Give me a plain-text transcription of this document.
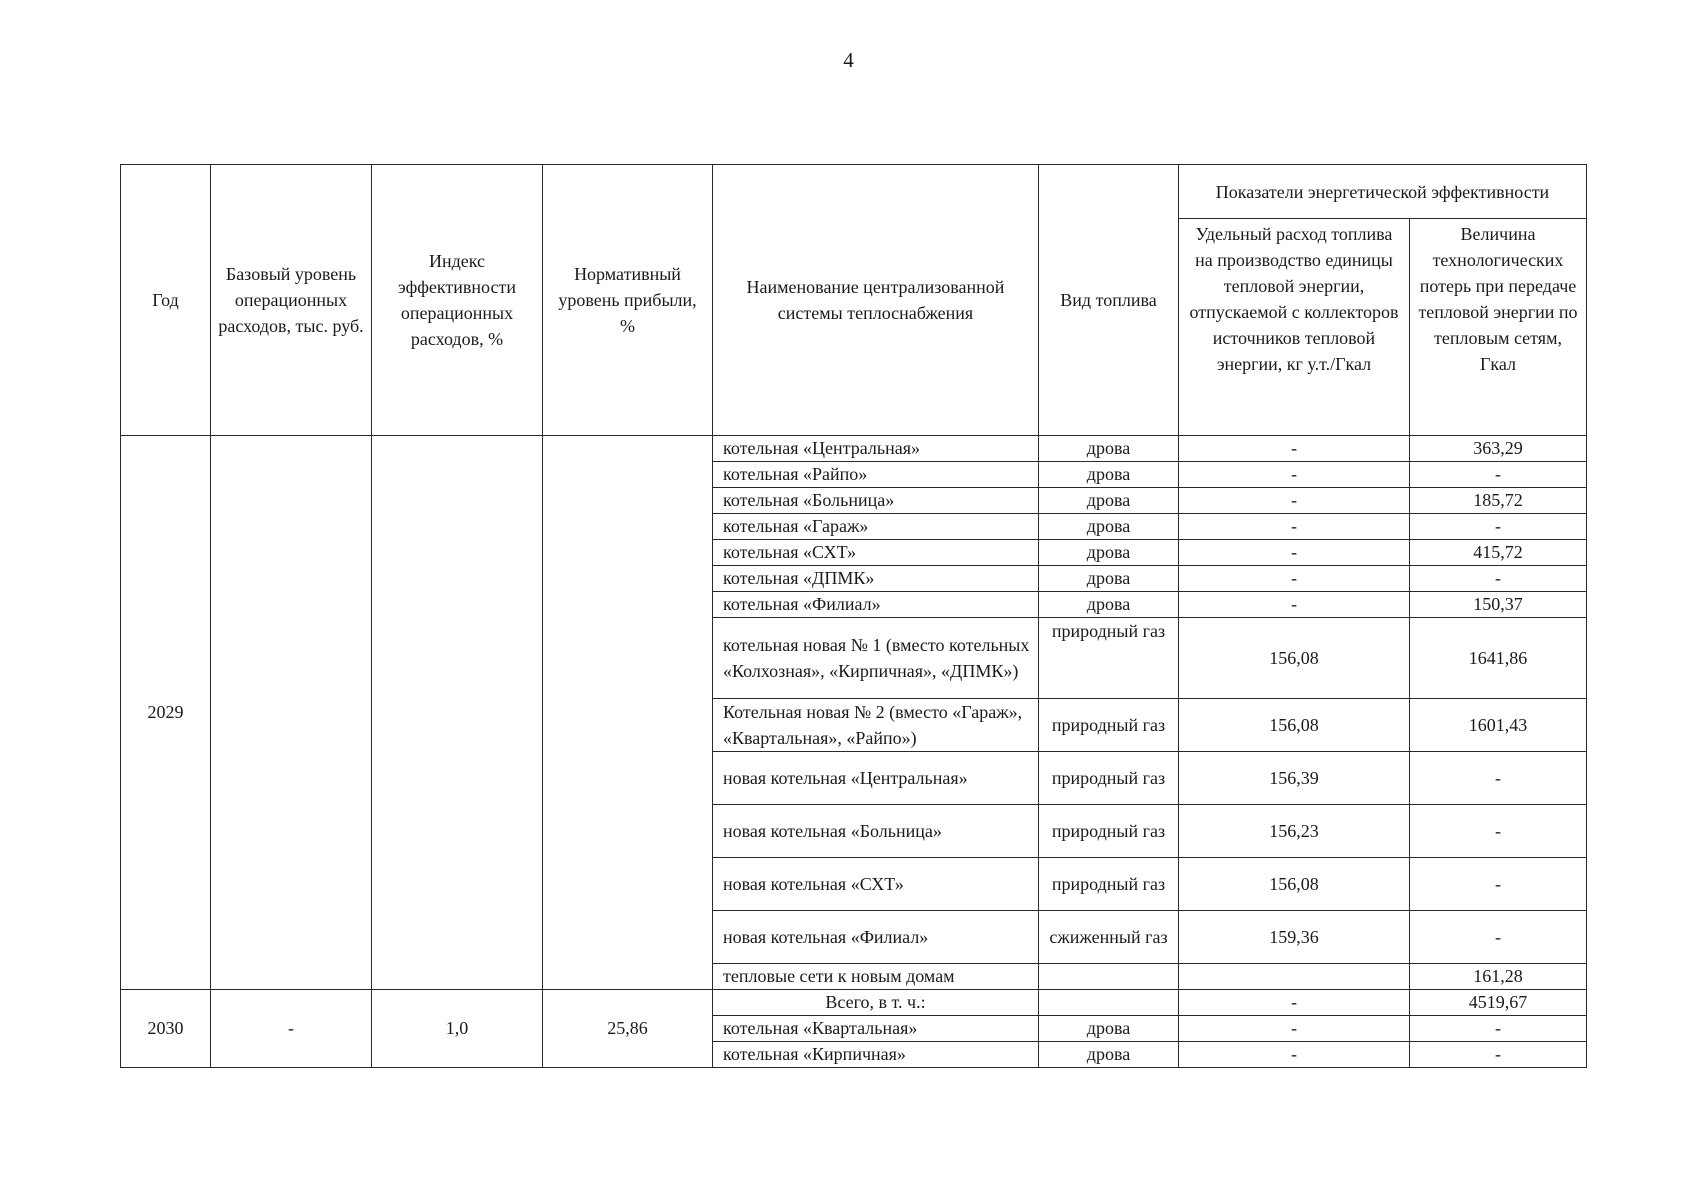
4
Год	Базовый уровень операционных расходов, тыс. руб.	Индекс эффективности операционных расходов, %	Нормативный уровень прибыли, %	Наименование централизованной системы теплоснабжения	Вид топлива	Показатели энергетической эффективности	

						Удельный расход топлива на производство единицы тепловой энергии, отпускаемой с коллекторов источников тепловой энергии, кг у.т./Гкал	Величина технологических потерь при передаче тепловой энергии по тепловым сетям, Гкал

2029				котельная «Центральная»	дрова	-	363,29
				котельная «Райпо»	дрова	-	-
				котельная «Больница»	дрова	-	185,72
				котельная «Гараж»	дрова	-	-
				котельная «СХТ»	дрова	-	415,72
				котельная «ДПМК»	дрова	-	-
				котельная «Филиал»	дрова	-	150,37
				котельная новая № 1 (вместо котельных «Колхозная», «Кирпичная», «ДПМК»)	природный газ	156,08	1641,86
				Котельная новая № 2 (вместо «Гараж», «Квартальная», «Райпо»)	природный газ	156,08	1601,43
				новая котельная «Центральная»	природный газ	156,39	-
				новая котельная «Больница»	природный газ	156,23	-
				новая котельная «СХТ»	природный газ	156,08	-
				новая котельная «Филиал»	сжиженный газ	159,36	-
				тепловые сети к новым домам			161,28
2030	-	1,0	25,86	Всего, в т. ч.:		-	4519,67
				котельная «Квартальная»	дрова	-	-
				котельная «Кирпичная»	дрова	-	-
